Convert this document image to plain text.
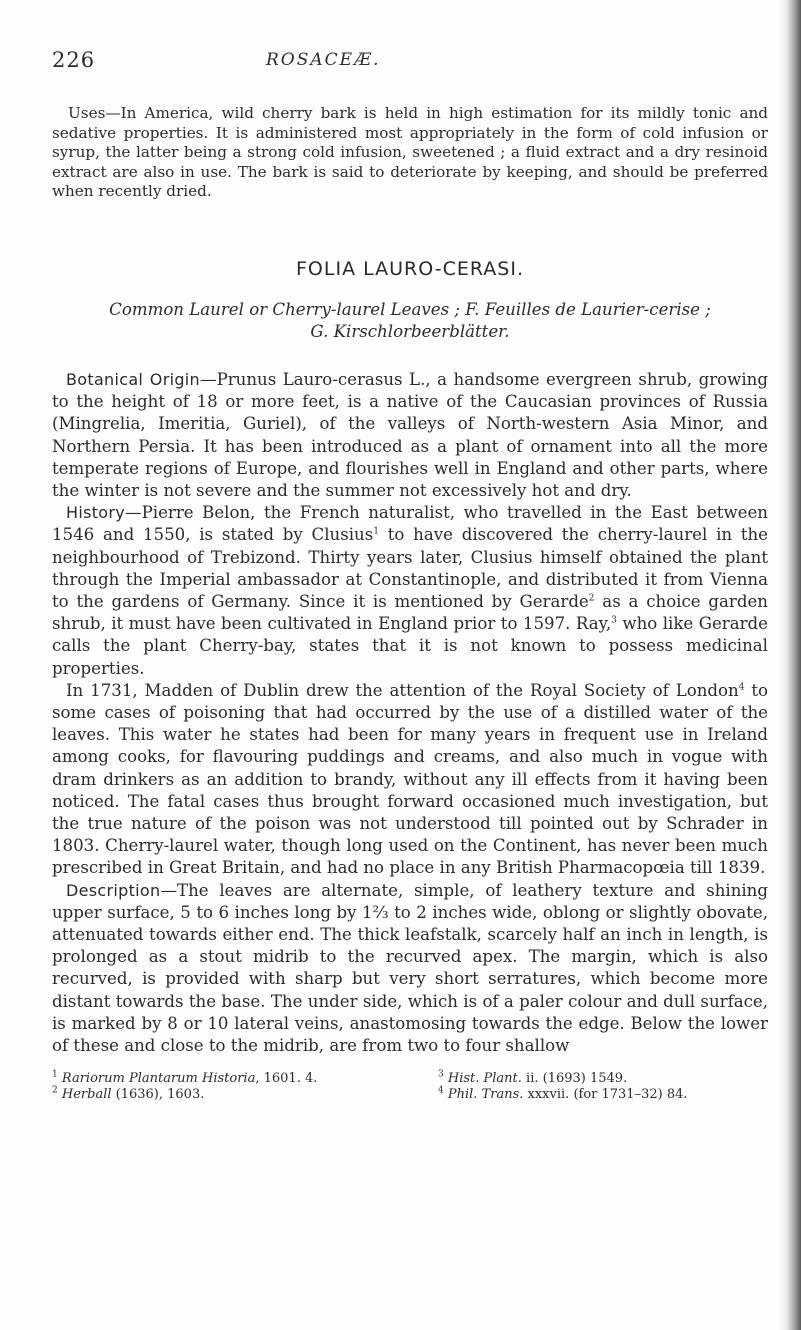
226	ROSACEÆ.

Uses—In America, wild cherry bark is held in high estimation for its mildly tonic and sedative properties. It is administered most appropriately in the form of cold infusion or syrup, the latter being a strong cold infusion, sweetened ; a fluid extract and a dry resinoid extract are also in use. The bark is said to deteriorate by keeping, and should be preferred when recently dried.

FOLIA LAURO-CERASI.
Common Laurel or Cherry-laurel Leaves ; F. Feuilles de Laurier-cerise ;
G. Kirschlorbeerblätter.

Botanical Origin—Prunus Lauro-cerasus L., a handsome evergreen shrub, growing to the height of 18 or more feet, is a native of the Caucasian provinces of Russia (Mingrelia, Imeritia, Guriel), of the valleys of North-western Asia Minor, and Northern Persia. It has been introduced as a plant of ornament into all the more temperate regions of Europe, and flourishes well in England and other parts, where the winter is not severe and the summer not excessively hot and dry.

History—Pierre Belon, the French naturalist, who travelled in the East between 1546 and 1550, is stated by Clusius$^1$ to have discovered the cherry-laurel in the neighbourhood of Trebizond. Thirty years later, Clusius himself obtained the plant through the Imperial ambassador at Constantinople, and distributed it from Vienna to the gardens of Germany. Since it is mentioned by Gerarde$^2$ as a choice garden shrub, it must have been cultivated in England prior to 1597. Ray,$^3$ who like Gerarde calls the plant Cherry-bay, states that it is not known to possess medicinal properties.

In 1731, Madden of Dublin drew the attention of the Royal Society of London$^4$ to some cases of poisoning that had occurred by the use of a distilled water of the leaves. This water he states had been for many years in frequent use in Ireland among cooks, for flavouring puddings and creams, and also much in vogue with dram drinkers as an addition to brandy, without any ill effects from it having been noticed. The fatal cases thus brought forward occasioned much investigation, but the true nature of the poison was not understood till pointed out by Schrader in 1803. Cherry-laurel water, though long used on the Continent, has never been much prescribed in Great Britain, and had no place in any British Pharmacopœia till 1839.

Description—The leaves are alternate, simple, of leathery texture and shining upper surface, 5 to 6 inches long by 1⅔ to 2 inches wide, oblong or slightly obovate, attenuated towards either end. The thick leafstalk, scarcely half an inch in length, is prolonged as a stout midrib to the recurved apex. The margin, which is also recurved, is provided with sharp but very short serratures, which become more distant towards the base. The under side, which is of a paler colour and dull surface, is marked by 8 or 10 lateral veins, anastomosing towards the edge. Below the lower of these and close to the midrib, are from two to four shallow

$^1$ Rariorum Plantarum Historia, 1601. 4.
$^2$ Herball (1636), 1603.
$^3$ Hist. Plant. ii. (1693) 1549.
$^4$ Phil. Trans. xxxvii. (for 1731–32) 84.
